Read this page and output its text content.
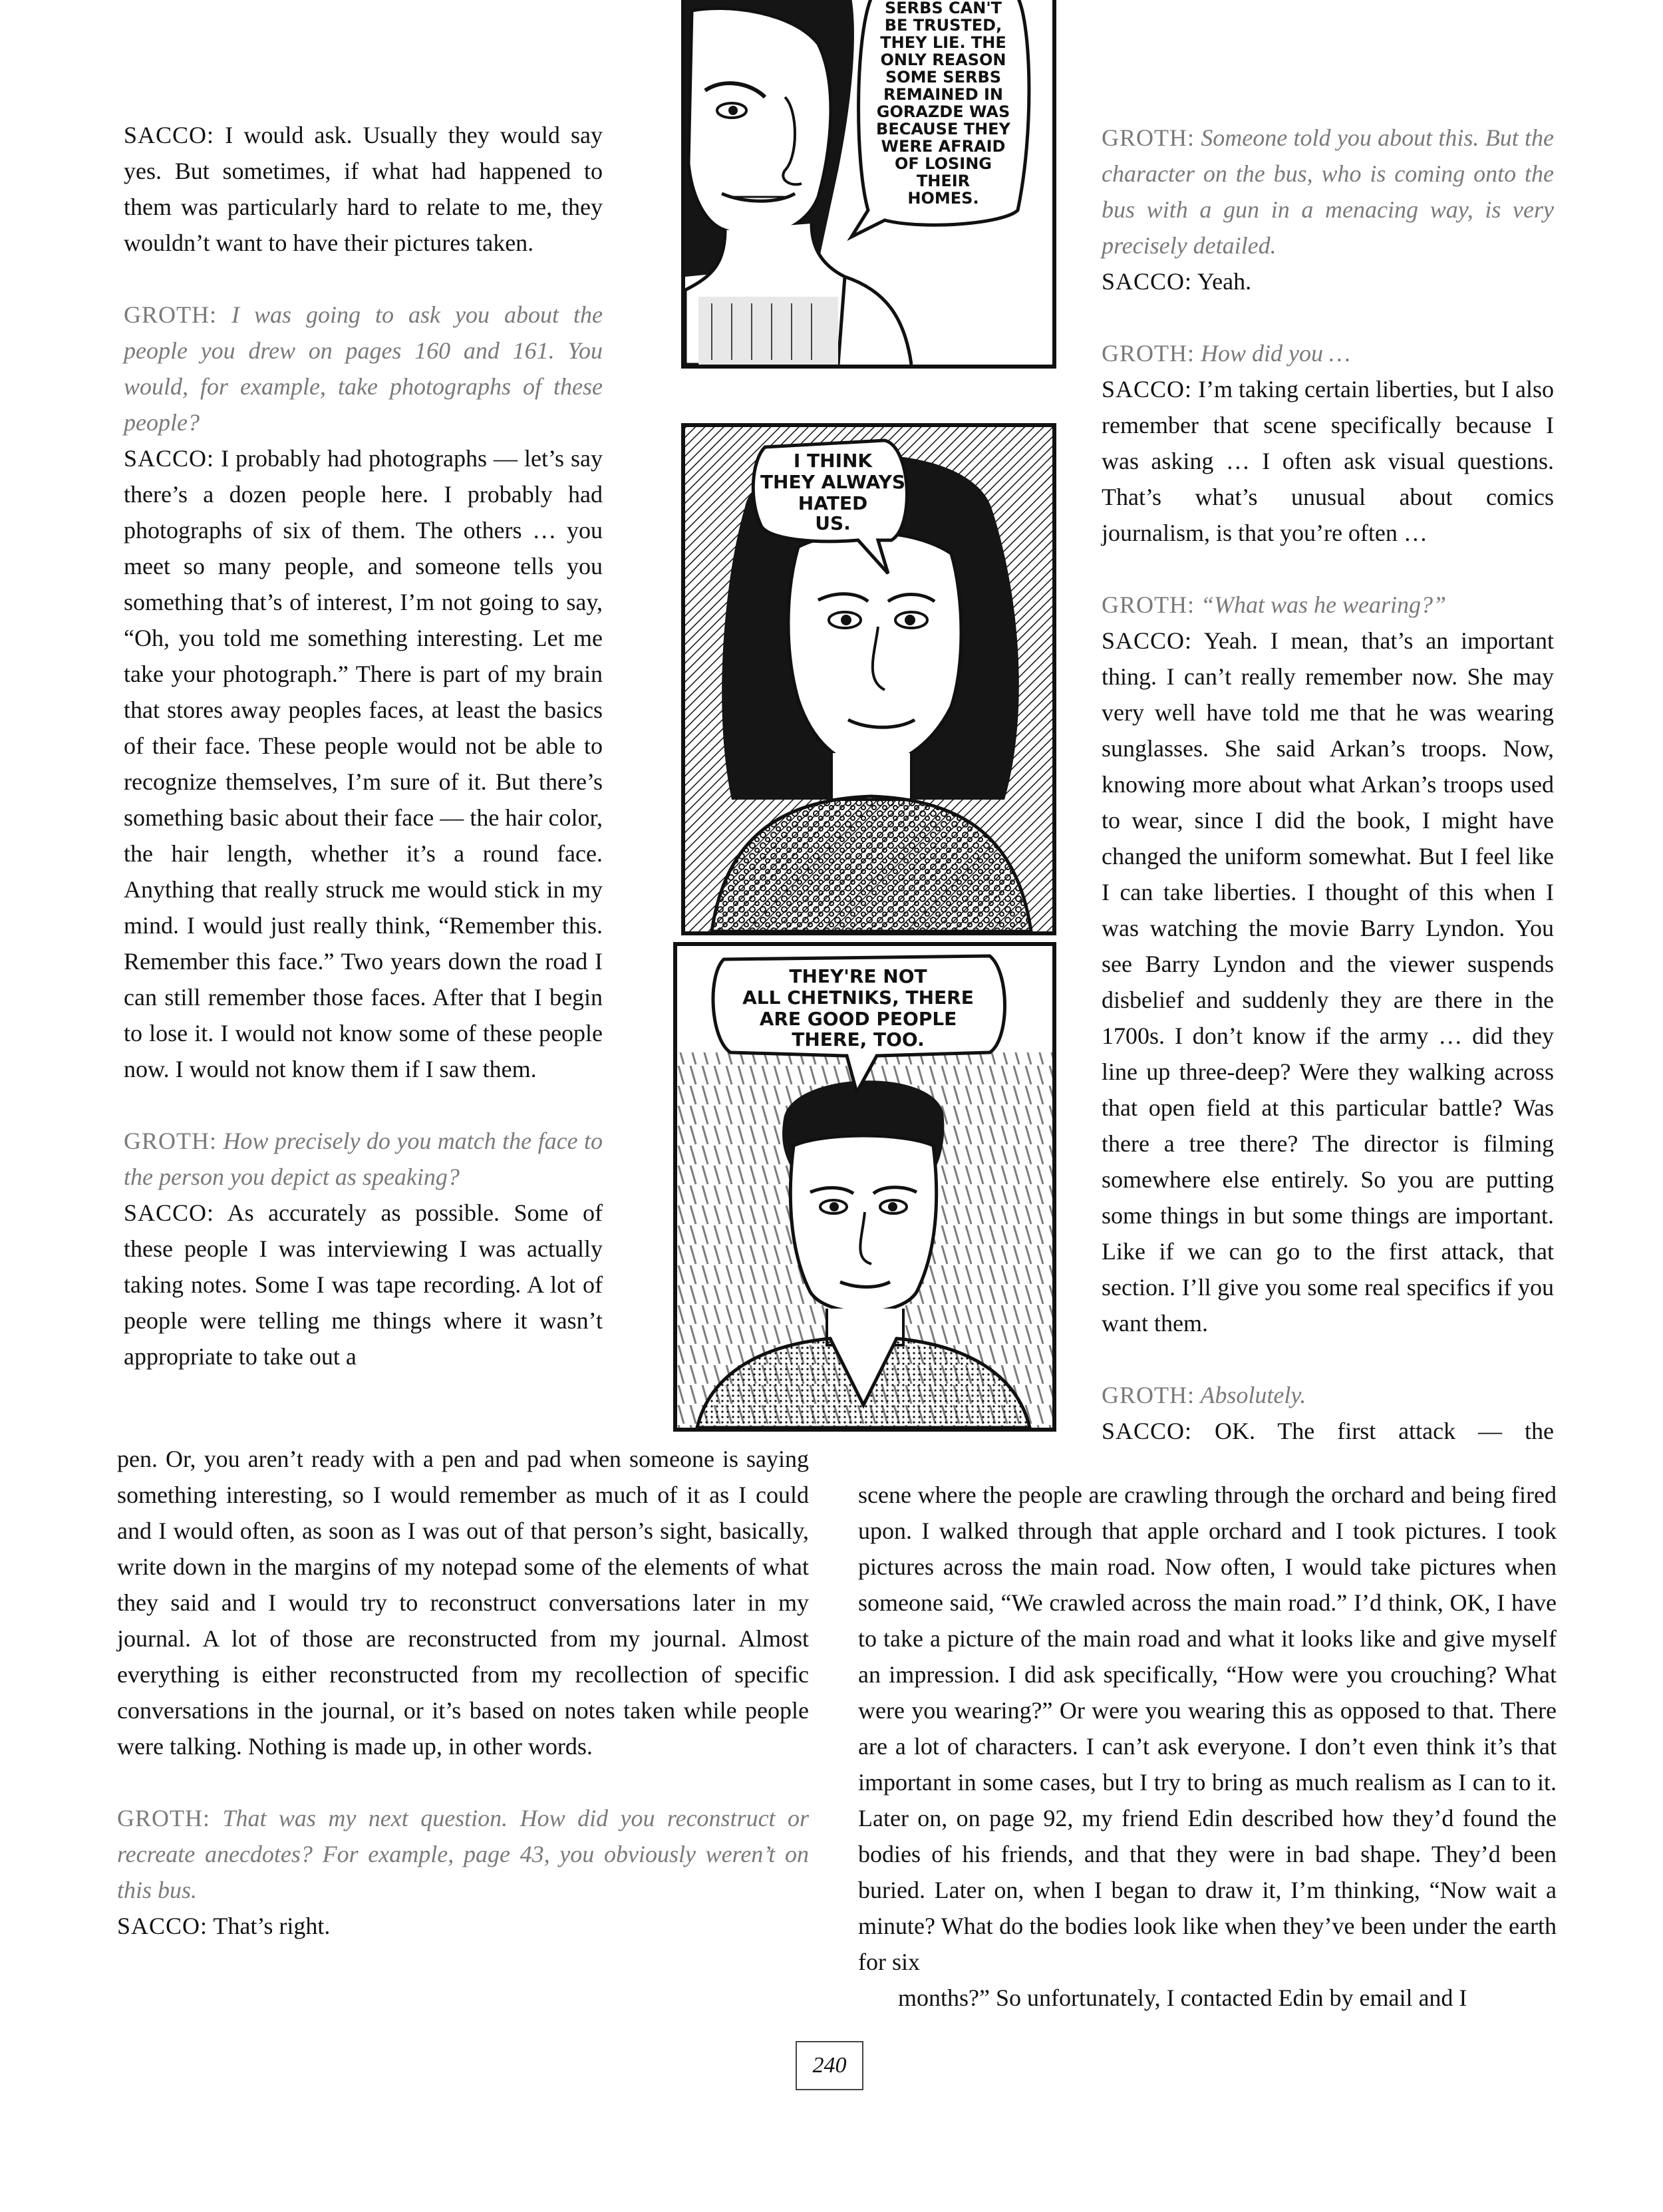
SACCO: I would ask. Usually they would say yes. But sometimes, if what had happened to them was particularly hard to relate to me, they wouldn’t want to have their pictures taken.

GROTH: I was going to ask you about the people you drew on pages 160 and 161. You would, for example, take photographs of these people?

SACCO: I probably had photographs — let’s say there’s a dozen people here. I probably had photographs of six of them. The others … you meet so many people, and someone tells you something that’s of interest, I’m not going to say, “Oh, you told me something interesting. Let me take your photograph.” There is part of my brain that stores away peoples faces, at least the basics of their face. These people would not be able to recognize themselves, I’m sure of it. But there’s something basic about their face — the hair color, the hair length, whether it’s a round face. Anything that really struck me would stick in my mind. I would just really think, “Remember this. Remember this face.” Two years down the road I can still remember those faces. After that I begin to lose it. I would not know some of these people now. I would not know them if I saw them.

GROTH: How precisely do you match the face to the person you depict as speaking?

SACCO: As accurately as possible. Some of these people I was interviewing I was actually taking notes. Some I was tape recording. A lot of people were telling me things where it wasn’t appropriate to take out a

pen. Or, you aren’t ready with a pen and pad when someone is saying something interesting, so I would remember as much of it as I could and I would often, as soon as I was out of that person’s sight, basically, write down in the margins of my notepad some of the elements of what they said and I would try to reconstruct conversations later in my journal. A lot of those are reconstructed from my journal. Almost everything is either reconstructed from my recollection of specific conversations in the journal, or it’s based on notes taken while people were talking. Nothing is made up, in other words.

GROTH: That was my next question. How did you reconstruct or recreate anecdotes? For example, page 43, you obviously weren’t on this bus.

SACCO: That’s right.

GROTH: Someone told you about this. But the character on the bus, who is coming onto the bus with a gun in a menacing way, is very precisely detailed.

SACCO: Yeah.

GROTH: How did you …

SACCO: I’m taking certain liberties, but I also remember that scene specifically because I was asking … I often ask visual questions. That’s what’s unusual about comics journalism, is that you’re often …

GROTH: “What was he wearing?”

SACCO: Yeah. I mean, that’s an important thing. I can’t really remember now. She may very well have told me that he was wearing sunglasses. She said Arkan’s troops. Now, knowing more about what Arkan’s troops used to wear, since I did the book, I might have changed the uniform somewhat. But I feel like I can take liberties. I thought of this when I was watching the movie Barry Lyndon. You see Barry Lyndon and the viewer suspends disbelief and suddenly they are there in the 1700s. I don’t know if the army … did they line up three-deep? Were they walking across that open field at this particular battle? Was there a tree there? The director is filming somewhere else entirely. So you are putting some things in but some things are important. Like if we can go to the first attack, that section. I’ll give you some real specifics if you want them.

GROTH: Absolutely.

SACCO: OK. The first attack — the

scene where the people are crawling through the orchard and being fired upon. I walked through that apple orchard and I took pictures. I took pictures across the main road. Now often, I would take pictures when someone said, “We crawled across the main road.” I’d think, OK, I have to take a picture of the main road and what it looks like and give myself an impression. I did ask specifically, “How were you crouching? What were you wearing?” Or were you wearing this as opposed to that. There are a lot of characters. I can’t ask everyone. I don’t even think it’s that important in some cases, but I try to bring as much realism as I can to it. Later on, on page 92, my friend Edin described how they’d found the bodies of his friends, and that they were in bad shape. They’d been buried. Later on, when I began to draw it, I’m thinking, “Now wait a minute? What do the bodies look like when they’ve been under the earth for six

months?” So unfortunately, I contacted Edin by email and I

SERBS CAN'T
BE TRUSTED,
THEY LIE. THE
ONLY REASON
SOME SERBS
REMAINED IN
GORAZDE WAS
BECAUSE THEY
WERE AFRAID
OF LOSING
THEIR
HOMES.
I THINK
THEY ALWAYS
HATED
US.
THEY'RE NOT
ALL CHETNIKS, THERE
ARE GOOD PEOPLE
THERE, TOO.
240
